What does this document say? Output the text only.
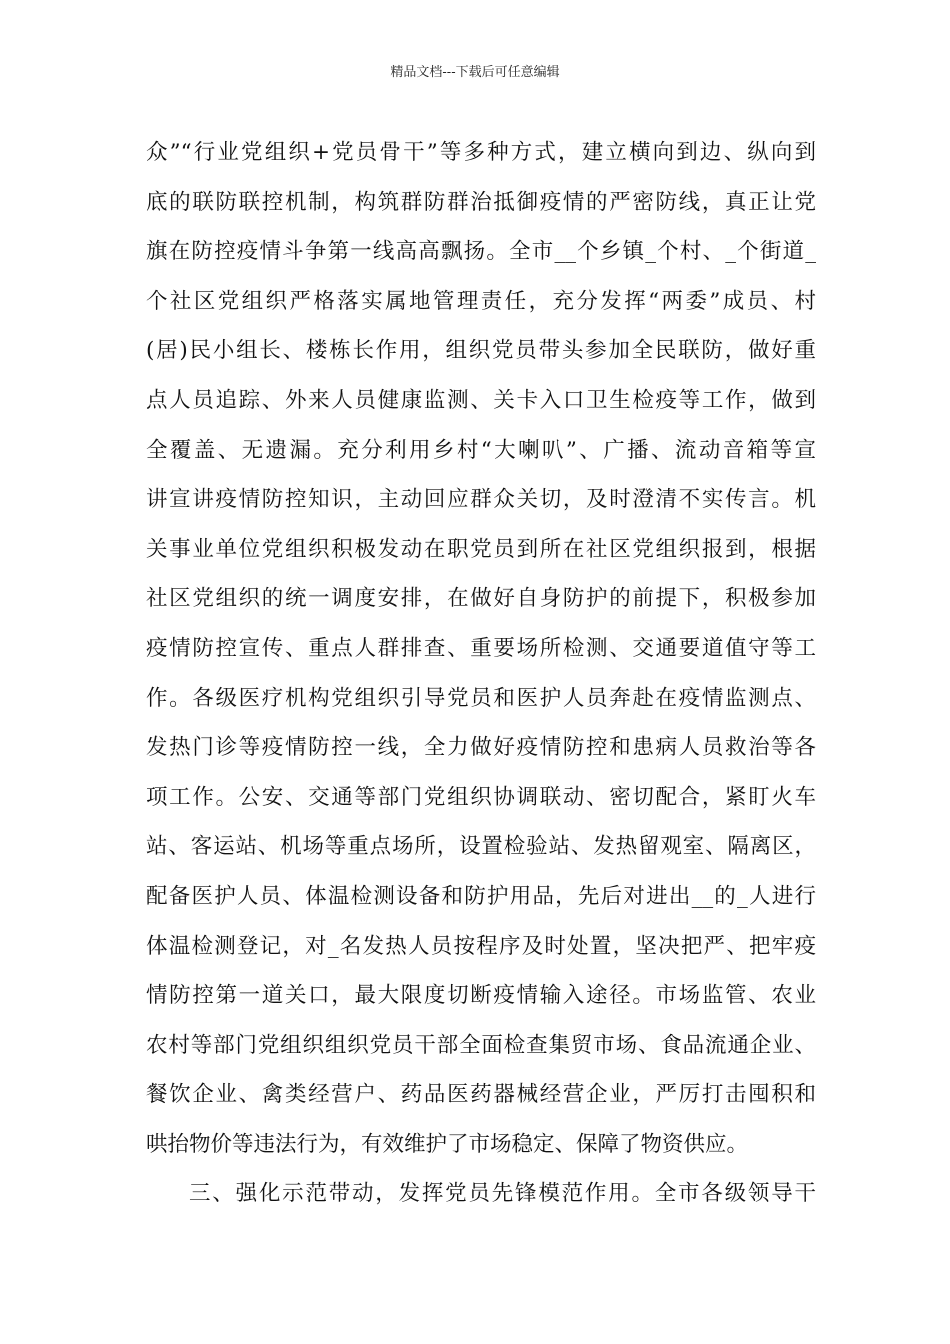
精品文档---下载后可任意编辑
众”“行业党组织+党员骨干”等多种方式，建立横向到边、纵向到
底的联防联控机制，构筑群防群治抵御疫情的严密防线，真正让党
旗在防控疫情斗争第一线高高飘扬。全市__个乡镇_个村、_个街道_
个社区党组织严格落实属地管理责任，充分发挥“两委”成员、村
(居)民小组长、楼栋长作用，组织党员带头参加全民联防，做好重
点人员追踪、外来人员健康监测、关卡入口卫生检疫等工作，做到
全覆盖、无遗漏。充分利用乡村“大喇叭”、广播、流动音箱等宣
讲宣讲疫情防控知识，主动回应群众关切，及时澄清不实传言。机
关事业单位党组织积极发动在职党员到所在社区党组织报到，根据
社区党组织的统一调度安排，在做好自身防护的前提下，积极参加
疫情防控宣传、重点人群排查、重要场所检测、交通要道值守等工
作。各级医疗机构党组织引导党员和医护人员奔赴在疫情监测点、
发热门诊等疫情防控一线，全力做好疫情防控和患病人员救治等各
项工作。公安、交通等部门党组织协调联动、密切配合，紧盯火车
站、客运站、机场等重点场所，设置检验站、发热留观室、隔离区，
配备医护人员、体温检测设备和防护用品，先后对进出__的_人进行
体温检测登记，对_名发热人员按程序及时处置，坚决把严、把牢疫
情防控第一道关口，最大限度切断疫情输入途径。市场监管、农业
农村等部门党组织组织党员干部全面检查集贸市场、食品流通企业、
餐饮企业、禽类经营户、药品医药器械经营企业，严厉打击囤积和
哄抬物价等违法行为，有效维护了市场稳定、保障了物资供应。
三、强化示范带动，发挥党员先锋模范作用。全市各级领导干
